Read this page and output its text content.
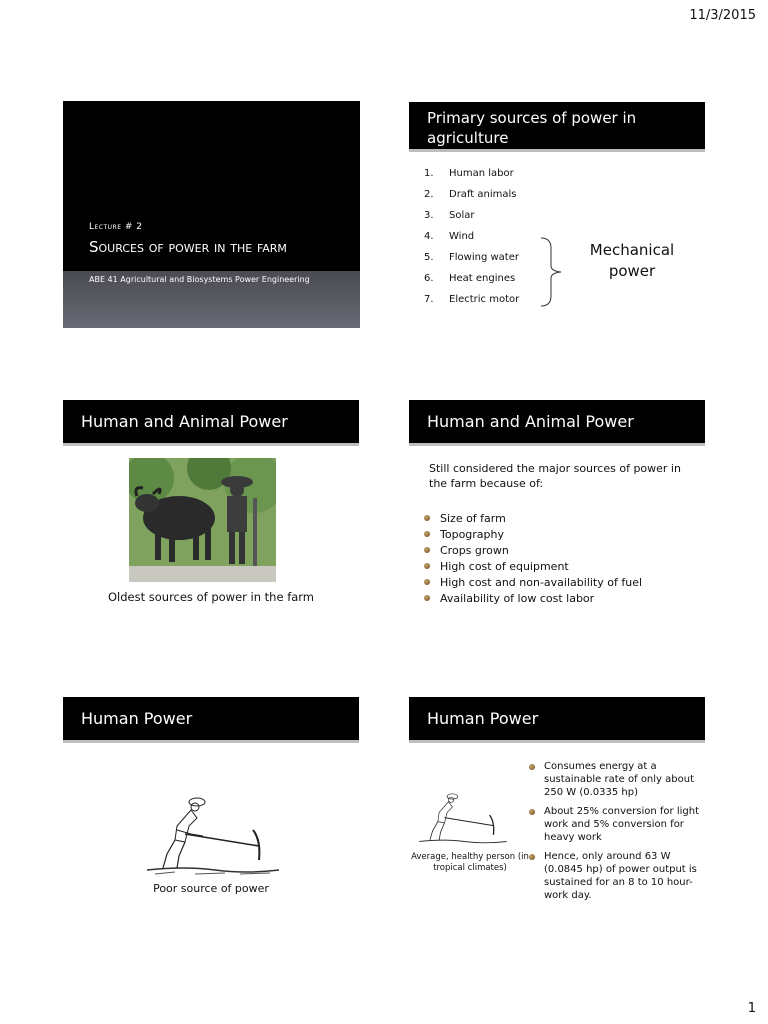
11/3/2015
Lecture # 2
Sources of power in the farm
ABE 41 Agricultural and Biosystems Power Engineering
Primary sources of power in agriculture
1.	Human labor
2.	Draft animals
3.	Solar
4.	Wind
5.	Flowing water
6.	Heat engines
7.	Electric motor
Mechanical power
Human and Animal Power
Oldest sources of power in the farm
Human and Animal Power
Still considered the major sources of power in the farm because of:
Size of farm
Topography
Crops grown
High cost of equipment
High cost and non-availability of fuel
Availability of low cost labor
Human Power
Poor source of power
Human Power
Average, healthy person (in tropical climates)
Consumes energy at a sustainable rate of only about 250 W (0.0335 hp)
About 25% conversion for light work and 5% conversion for heavy work
Hence, only around 63 W (0.0845 hp) of power output is sustained for an 8 to 10 hour-work day.
1
